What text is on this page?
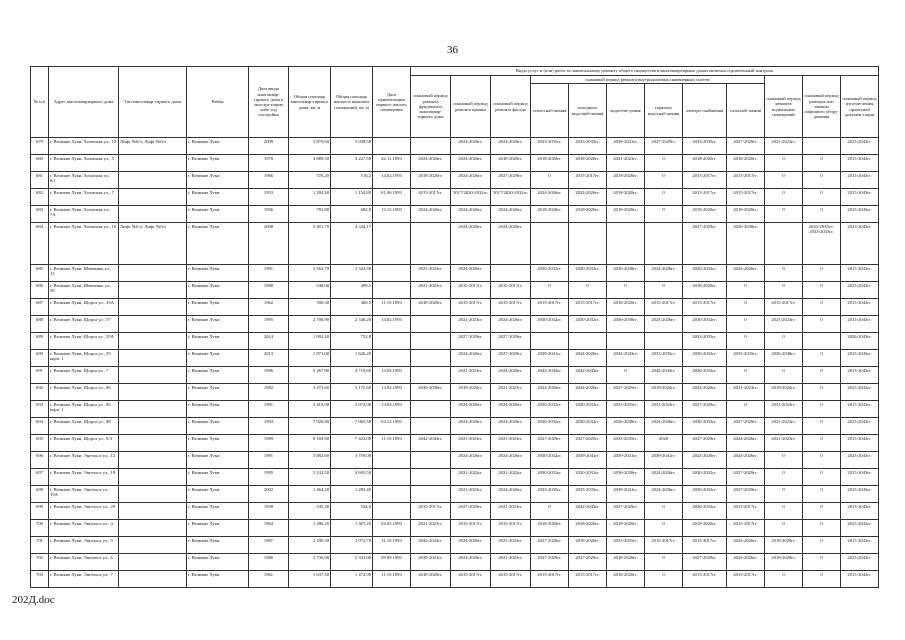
36
№ п/п	Адрес многоквартирного дома	Тип многоквар-тирного дома	Район	Дата ввода многоквар-тирного дома в эксплуа-тацию либо год постройки	Общая площадь многоквар-тирного дома, кв. м	Общая площадь жилых и нежилых помещений, кв. м	Дата приватизации первого жилого помещения	Виды услуг и (или) работ по капитальному ремонту общего имущества в многоквартирных домах включая строительный контроль											
								плановый период ремонта фундамента многоквар-тирного дома	плановый период ремонта крыши	плановый период ремонта фасада	плановый период ремонта внутридомовых инженерных систем						плановый период ремонта подвальных помещений	плановый период ремонта или замены лифтового обору-дования	плановый период изготов-ления проектной докумен-тации
											теплоснаб-жения	холодного водоснаб-жения	водоотве-дения	горячего водоснаб-жения	электро-снабжения	газоснаб-жения			
679	г. Великие Луки, Холмская ул., 10	Лифт №6/л, Лифт №6/л	г. Великие Луки	2009	5 870,60	5 038,50			2024-2026гг.	2024-2026гг.	2033-2035гг.	2033-2035гг.	2039-2041гг.	2027-2029гг.	2033-2035гг.	2027-2029гг.	2021-2023гг.		2015-2043гг.
680	г. Великие Луки, Холмская ул., 3		г. Великие Луки	1970	3 889,50	3 227,50	22.11.1993	2024-2026гг.	2024-2026гг.	2018-2020гг.	2018-2020гг.	2018-2020гг.	2021-2023гг.	0	2018-2020гг.	2018-2020гг.	0	0	2015-2043гг.
681	г. Великие Луки, Холмская ул., 6/1		г. Великие Луки	1966	576,20	516,2	14.02.1993	2018-2020гг.	2024-2026гг.	2027-2029гг.	0	2015-2017гг.	2018-2020гг.	0	2015-2017гг.	2015-2017гг.	0	0	2015-2043гг.
682	г. Великие Луки, Холмская ул., 7		г. Великие Луки	1953	1 284,30	1 154,80	01.06.1993	2015-2017гг.	2017/2030-2032гг.	2017/2030-2032гг.	2024-2026гг.	2024-2026гг.	2018-2020гг.	0	2015-2017гг.	2015-2017гг.	0	0	2015-2043гг.
683	г. Великие Луки, Холмская ул., 7А		г. Великие Луки	1956	781,80	682,8	13.12.1993	2024-2026гг.	2024-2026гг.	2024-2026гг.	2018-2020гг.	2018-2020гг.	2018-2020гг.	0	2018-2020гг.	2018-2020гг.	0	0	2015-2043гг.
684	г. Великие Луки, Холмская ул., 16	Лифт №6/л, Лифт №6/л	г. Великие Луки	2008	5 401,70	4 344,17			2024-2026гг.	2024-2026гг.					2027-2029гг.	2036-2038гг.		2033-2035гг., 2033-2035гг.	2023-2043гг.
685	г. Великие Луки, Шевченко ул., 13		г. Великие Луки	1991	2 562,70	2 324,50		2021-2023гг.	2024-2026гг.		2030-2032гг.	2030-2032гг.	2036-2038гг.	2024-2026гг.	2030-2032гг.	2024-2026гг.	0	0	2015-2043гг.
686	г. Великие Луки, Шевченко ул., 30		г. Великие Луки	1968	548,00	499,1		2021-2023гг.	2015-2017гг.	2015-2017гг.	0	0	0	0	2018-2020гг.	0	0	0	2015-2043гг.
687	г. Великие Луки, Щорса ул., 35А		г. Великие Луки	1962	390,30	368,3	11.10.1993	2018-2020гг.	2015-2017гг.	2015-2017гг.	2015-2017гг.	2015-2017гг.	2018-2020гг.	2015-2017гг.	2015-2017гг.	0	2015-2017гг.	0	2015-2043гг.
688	г. Великие Луки, Щорса ул., 57		г. Великие Луки	1995	2 706,90	2 346,20	13.02.1993		2021-2023гг.	2024-2026гг.	2030-2032гг.	2030-2032гг.	2036-2038гг.	2024-2026гг.	2030-2032гг.	0	2021-2023гг.	0	2015-2043гг.
689	г. Великие Луки, Щорса ул., 59А		г. Великие Луки	2014	1 092,40	752,8			2027-2029гг.	2027-2029гг.					2033-2035гг.	0	0		2026-2043гг.
690	г. Великие Луки, Щорса ул., 59 корп. 1		г. Великие Луки	2013	1 871,00	1 626,20			2024-2026гг.	2027-2029гг.	2039-2041гг.	2024-2026гг.	2042-2043гг.	2033-2035гг.	2030-2032гг.	2033-2035гг.	2036-2038гг.	0	2015-2043гг.
691	г. Великие Луки, Щорса ул., 7		г. Великие Луки	1996	5 267,90	4 710,60	13.04.1993		2021-2023гг.	2024-2026гг.	2042-2043гг.	2042-2043гг.	0	2042-2043гг.	2030-2032гг.	0	0	0	2015-2043гг.
692	г. Великие Луки, Щорса ул., 86		г. Великие Луки	1982	3 473,60	3 175,60	13.02.1993	2036-2038гг.	2018-2020гг.	2021-2023гг.	2024-2026гг.	2024-2026гг.	2027-2029гг.	2018-2020гг.	2024-2026гг.	2021-2023гг.	2018-2020гг.	0	2015-2043гг.
693	г. Великие Луки, Щорса ул., 86 корп. 1		г. Великие Луки	1991	3 418,00	3 074,00	13.04.1993		2024-2026гг.	2024-2026гг.	2030-2032гг.	2030-2032гг.	2033-2035гг.	2021-2023гг.	2027-2029гг.	0	2021-2023гг.	0	2015-2043гг.
694	г. Великие Луки, Щорса ул., 88		г. Великие Луки	1994	7 926,80	7 065,50	04.12.1993		2024-2026гг.	2024-2026гг.	2030-2032гг.	2030-2032гг.	2036-2038гг.	2024-2026гг.	2030-2032гг.	2027-2029гг.	2021-2023гг.	0	2015-2043гг.
695	г. Великие Луки, Щорса ул., 9/3		г. Великие Луки	1989	8 169,60	7 423,00	11.10.1993	2042-2043гг.	2021-2023гг.	2021-2023гг.	2027-2029гг.	2027-2029гг.	2033-2035гг.	2020	2027-2029гг.	2024-2026гг.	2021-2023гг.	0	2015-2043гг.
696	г. Великие Луки, Энгельса ул., 12		г. Великие Луки	1991	3 882,60	3 759,00			2024-2026гг.	2024-2026гг.	2030-2032гг.	2039-2041гг.	2039-2041гг.	2039-2041гг.	2024-2026гг.	2024-2026гг.	0	0	2023-2043гг.
697	г. Великие Луки, Энгельса ул., 19		г. Великие Луки	1995	5 232,50	4 695,50			2021-2023гг.	2021-2023гг.	2030-2032гг.	2030-2032гг.	2036-2038гг.	2024-2026гг.	2030-2032гг.	2027-2029гг.	0	0	2015-2043гг.
698	г. Великие Луки, Энгельса ул., 19А		г. Великие Луки	2002	1 464,20	1 283,40			2021-2023гг.	2024-2026гг.	2033-2035гг.	2033-2035гг.	2039-2041гг.	2024-2026гг.	2030-2032гг.	2027-2029гг.	0	0	2015-2043гг.
699	г. Великие Луки, Энгельса ул., 29		г. Великие Луки	1958	545,30	544,6		2015-2017гг.	2027-2029гг.	2021-2023гг.	0	2042-2043гг.	2027-2029гг.	0	2030-2032гг.	2015-2017гг.	0	0	2015-2043гг.
700	г. Великие Луки, Энгельса ул., 4		г. Великие Луки	1964	1 486,20	1 307,20	04.05.1993	2021-2023гг.	2015-2017гг.	2015-2017гг.	2018-2020гг.	2018-2020гг.	2018-2020гг.	0	2018-2020гг.	2015-2017гг.	0	0	2015-2043гг.
701	г. Великие Луки, Энгельса ул., 5		г. Великие Луки	1987	2 290,30	2 072,70	11.10.1993	2042-2043гг.	2024-2026гг.	2021-2023гг.	2027-2029гг.	2018-2020гг.	2033-2035гг.	2015-2017гг.	2015-2017гг.	2024-2026гг.	2018-2020гг.	0	2015-2043гг.
702	г. Великие Луки, Энгельса ул., 6		г. Великие Луки	1966	5 736,90	5 331,00	09.09.1993	2039-2041гг.	2024-2026гг.	2021-2023гг.	2027-2029гг.	2027-2029гг.	2018-2020гг.	0	2027-2029гг.	2024-2026гг.	2018-2020гг.	0	2015-2043гг.
703	г. Великие Луки, Энгельса ул., 7		г. Великие Луки	1961	1 637,50	1 472,90	11.10.1993	2018-2020гг.	2015-2017гг.	2015-2017гг.	2015-2017гг.	2015-2017гг.	2018-2020гг.	0	2015-2017гг.	2015-2017гг.	0	0	2015-2043гг.
202Д.doc
